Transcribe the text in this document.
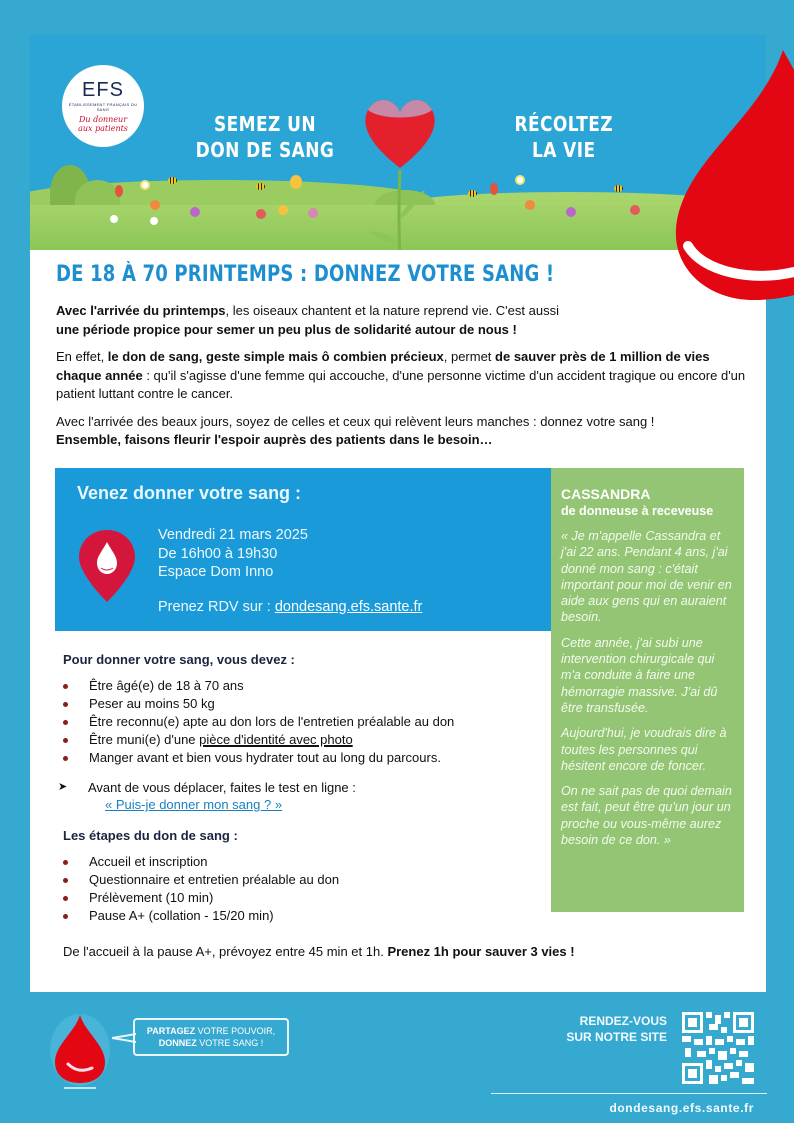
EFS
ÉTABLISSEMENT FRANÇAIS DU SANG
Du donneur
aux patients	SEMEZ UN
DON DE SANG
RÉCOLTEZ
LA VIE
DE 18 À 70 PRINTEMPS : DONNEZ VOTRE SANG !

Avec l'arrivée du printemps, les oiseaux chantent et la nature reprend vie. C'est aussi
une période propice pour semer un peu plus de solidarité autour de nous !

En effet, le don de sang, geste simple mais ô combien précieux, permet de sauver près de 1 million de vies chaque année : qu'il s'agisse d'une femme qui accouche, d'une personne victime d'un accident tragique ou encore d'un patient luttant contre le cancer.

Avec l'arrivée des beaux jours, soyez de celles et ceux qui relèvent leurs manches : donnez votre sang !
Ensemble, faisons fleurir l'espoir auprès des patients dans le besoin…

Venez donner votre sang :
Vendredi 21 mars 2025
De 16h00 à 19h30
Espace Dom Inno
Prenez RDV sur : dondesang.efs.sante.fr
CASSANDRA
de donneuse à receveuse

« Je m'appelle Cassandra et j'ai 22 ans. Pendant 4 ans, j'ai donné mon sang : c'était important pour moi de venir en aide aux gens qui en auraient besoin.

Cette année, j'ai subi une intervention chirurgicale qui m'a conduite à faire une hémorragie massive. J'ai dû être transfusée.

Aujourd'hui, je voudrais dire à toutes les personnes qui hésitent encore de foncer.

On ne sait pas de quoi demain est fait, peut être qu'un jour un proche ou vous-même aurez besoin de ce don. »

Pour donner votre sang, vous devez :
Être âgé(e) de 18 à 70 ans
Peser au moins 50 kg
Être reconnu(e) apte au don lors de l'entretien préalable au don
Être muni(e) d'une pièce d'identité avec photo
Manger avant et bien vous hydrater tout au long du parcours.
➤ Avant de vous déplacer, faites le test en ligne :
« Puis-je donner mon sang ? »
Les étapes du don de sang :
Accueil et inscription
Questionnaire et entretien préalable au don
Prélèvement (10 min)
Pause A+ (collation - 15/20 min)
De l'accueil à la pause A+, prévoyez entre 45 min et 1h. Prenez 1h pour sauver 3 vies !
PARTAGEZ VOTRE POUVOIR,
DONNEZ VOTRE SANG !
RENDEZ-VOUS
SUR NOTRE SITE
dondesang.efs.sante.fr
